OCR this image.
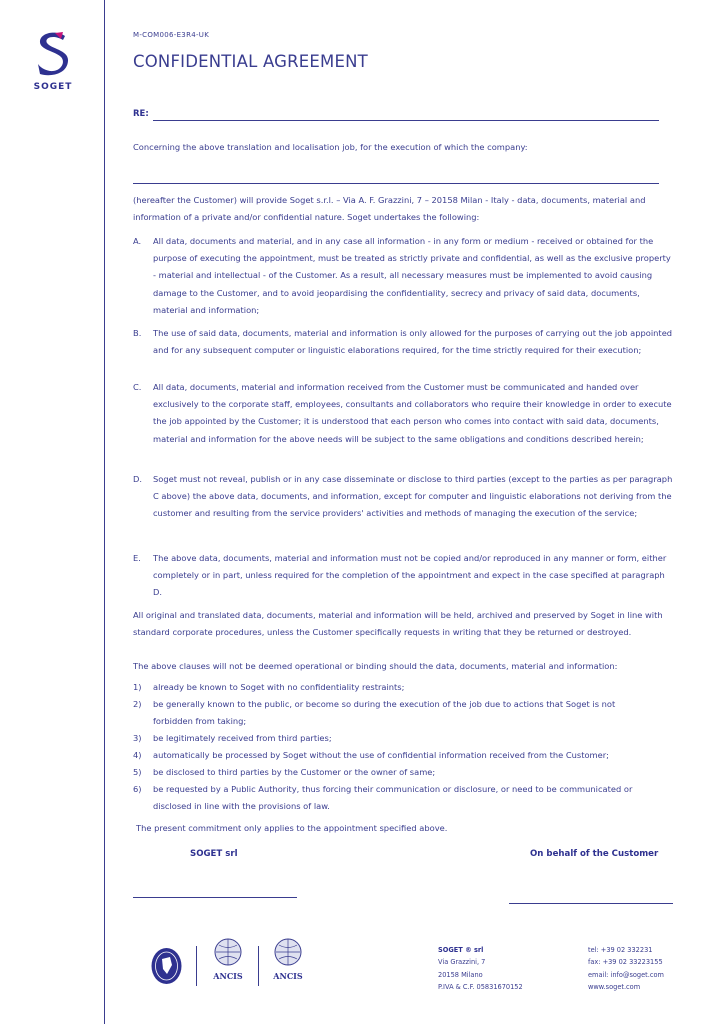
SOGET
M-COM006-E3R4-UK
CONFIDENTIAL AGREEMENT
RE:
Concerning the above translation and localisation job, for the execution of which the company:

(hereafter the Customer) will provide Soget s.r.l. – Via A. F. Grazzini, 7 – 20158 Milan - Italy - data, documents, material and information of a private and/or confidential nature. Soget undertakes the following:

A. All data, documents and material, and in any case all information - in any form or medium - received or obtained for the purpose of executing the appointment, must be treated as strictly private and confidential, as well as the exclusive property - material and intellectual - of the Customer. As a result, all necessary measures must be implemented to avoid causing damage to the Customer, and to avoid jeopardising the confidentiality, secrecy and privacy of said data, documents, material and information;

B. The use of said data, documents, material and information is only allowed for the purposes of carrying out the job appointed and for any subsequent computer or linguistic elaborations required, for the time strictly required for their execution;

C. All data, documents, material and information received from the Customer must be communicated and handed over exclusively to the corporate staff, employees, consultants and collaborators who require their knowledge in order to execute the job appointed by the Customer; it is understood that each person who comes into contact with said data, documents, material and information for the above needs will be subject to the same obligations and conditions described herein;

D. Soget must not reveal, publish or in any case disseminate or disclose to third parties (except to the parties as per paragraph C above) the above data, documents, and information, except for computer and linguistic elaborations not deriving from the customer and resulting from the service providers' activities and methods of managing the execution of the service;

E. The above data, documents, material and information must not be copied and/or reproduced in any manner or form, either completely or in part, unless required for the completion of the appointment and expect in the case specified at paragraph D.

All original and translated data, documents, material and information will be held, archived and preserved by Soget in line with standard corporate procedures, unless the Customer specifically requests in writing that they be returned or destroyed.

The above clauses will not be deemed operational or binding should the data, documents, material and information:

1) already be known to Soget with no confidentiality restraints;

2) be generally known to the public, or become so during the execution of the job due to actions that Soget is not forbidden from taking;

3) be legitimately received from third parties;

4) automatically be processed by Soget without the use of confidential information received from the Customer;

5) be disclosed to third parties by the Customer or the owner of same;

6) be requested by a Public Authority, thus forcing their communication or disclosure, or need to be communicated or disclosed in line with the provisions of law.

The present commitment only applies to the appointment specified above.

SOGET srl	On behalf of the Customer
ANCIS	ANCIS
SOGET ® srl
Via Grazzini, 7
20158 Milano
P.IVA & C.F. 05831670152
tel: +39 02 332231
fax: +39 02 33223155
email: info@soget.com
www.soget.com
